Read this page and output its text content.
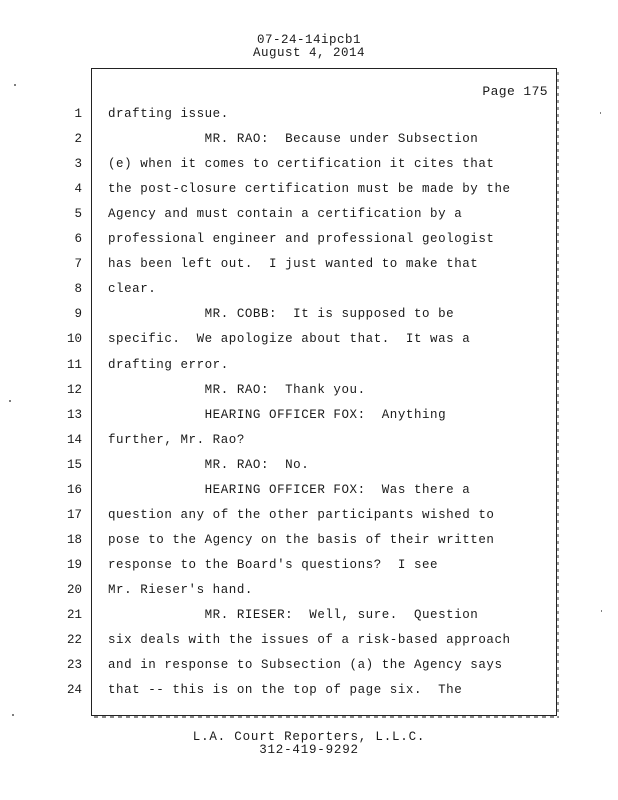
07-24-14ipcb1
August 4, 2014
Page 175
1 drafting issue.
2 MR. RAO:  Because under Subsection
3 (e) when it comes to certification it cites that
4 the post-closure certification must be made by the
5 Agency and must contain a certification by a
6 professional engineer and professional geologist
7 has been left out.  I just wanted to make that
8 clear.
9 MR. COBB:  It is supposed to be
10 specific.  We apologize about that.  It was a
11 drafting error.
12 MR. RAO:  Thank you.
13 HEARING OFFICER FOX:  Anything
14 further, Mr. Rao?
15 MR. RAO:  No.
16 HEARING OFFICER FOX:  Was there a
17 question any of the other participants wished to
18 pose to the Agency on the basis of their written
19 response to the Board's questions?  I see
20 Mr. Rieser's hand.
21 MR. RIESER:  Well, sure.  Question
22 six deals with the issues of a risk-based approach
23 and in response to Subsection (a) the Agency says
24 that -- this is on the top of page six.  The
L.A. Court Reporters, L.L.C.
312-419-9292
